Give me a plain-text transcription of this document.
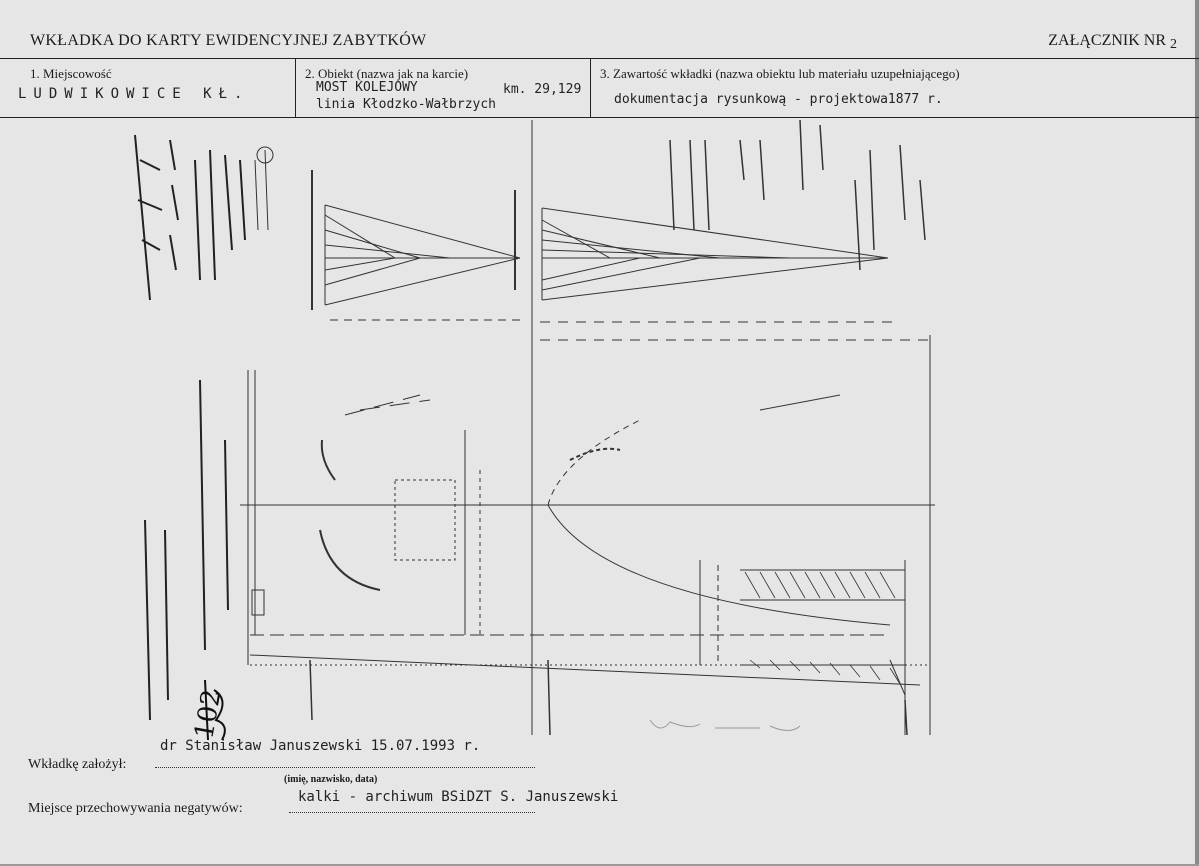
WKŁADKA DO KARTY EWIDENCYJNEJ ZABYTKÓW	ZAŁĄCZNIK NR 2
1. Miejscowość
LUDWIKOWICE KŁ.
2. Obiekt (nazwa jak na karcie)
MOST KOLEJOWY	km. 29,129
linia Kłodzko-Wałbrzych
3. Zawartość wkładki (nazwa obiektu lub materiału uzupełniającego)
dokumentacja rysunkową - projektowa1877 r.
102
dr Stanisław Januszewski 15.07.1993 r.
Wkładkę założył:
(imię, nazwisko, data)
kalki - archiwum BSiDZT S. Januszewski
Miejsce przechowywania negatywów:
